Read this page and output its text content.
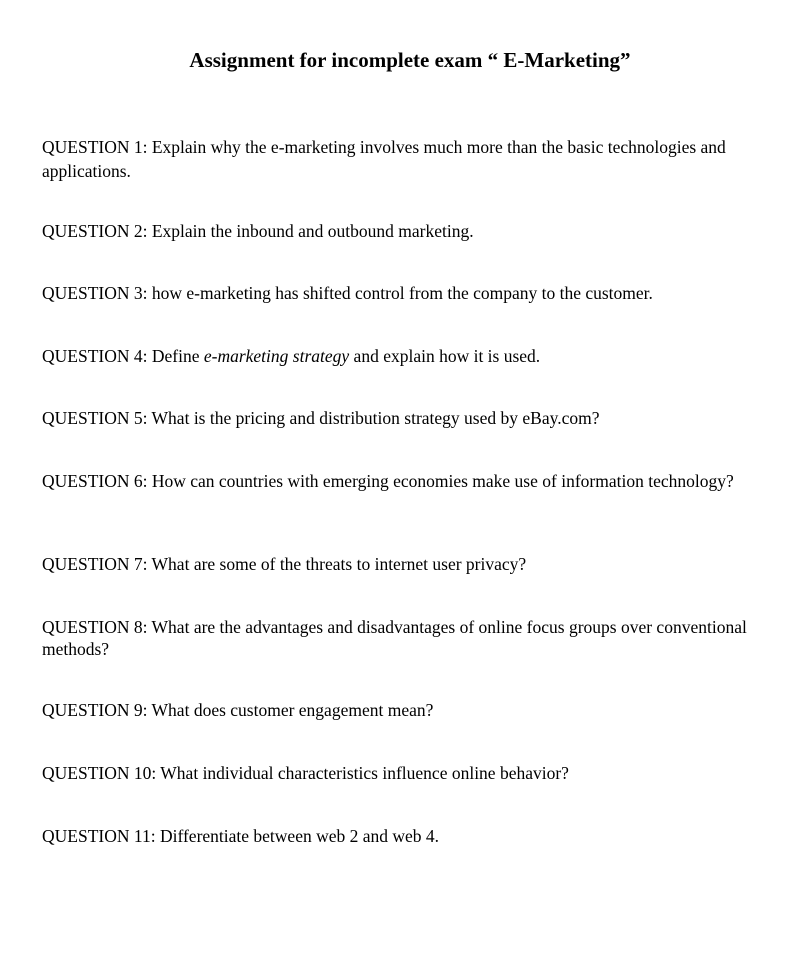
Assignment for incomplete exam “ E-Marketing”

QUESTION 1: Explain why the e-marketing involves much more than the basic technologies and applications.

QUESTION 2: Explain the inbound and outbound marketing.

QUESTION 3: how e-marketing has shifted control from the company to the customer.

QUESTION 4: Define e-marketing strategy and explain how it is used.

QUESTION 5: What is the pricing and distribution strategy used by eBay.com?

QUESTION 6: How can countries with emerging economies make use of information technology?

QUESTION 7: What are some of the threats to internet user privacy?

QUESTION 8: What are the advantages and disadvantages of online focus groups over conventional methods?

QUESTION 9: What does customer engagement mean?

QUESTION 10: What individual characteristics influence online behavior?

QUESTION 11: Differentiate between web 2 and web 4.
